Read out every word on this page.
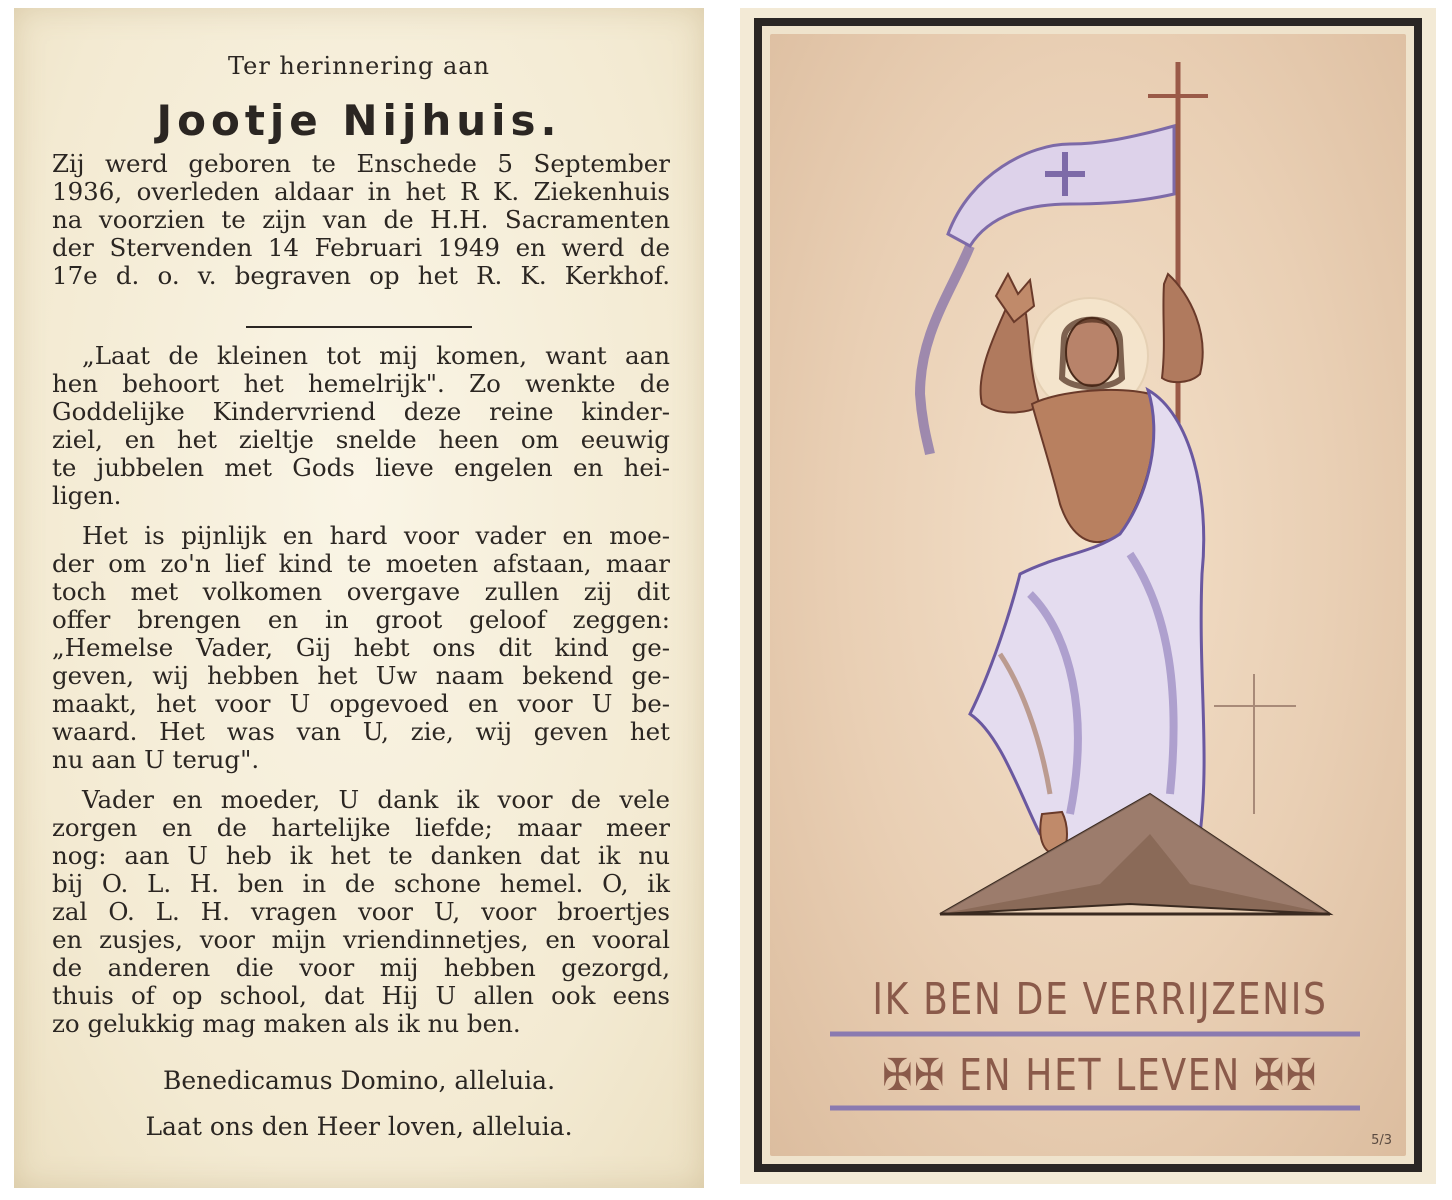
Ter herinnering aan
Jootje Nijhuis.
Zij werd geboren te Enschede 5 September
1936, overleden aldaar in het R K. Ziekenhuis
na voorzien te zijn van de H.H. Sacramenten
der Stervenden 14 Februari 1949 en werd de
17e d. o. v. begraven op het R. K. Kerkhof.
„Laat de kleinen tot mij komen, want aan
hen behoort het hemelrijk". Zo wenkte de
Goddelijke Kindervriend deze reine kinder-
ziel, en het zieltje snelde heen om eeuwig
te jubbelen met Gods lieve engelen en hei-
ligen.
Het is pijnlijk en hard voor vader en moe-
der om zo'n lief kind te moeten afstaan, maar
toch met volkomen overgave zullen zij dit
offer brengen en in groot geloof zeggen:
„Hemelse Vader, Gij hebt ons dit kind ge-
geven, wij hebben het Uw naam bekend ge-
maakt, het voor U opgevoed en voor U be-
waard. Het was van U, zie, wij geven het
nu aan U terug".
Vader en moeder, U dank ik voor de vele
zorgen en de hartelijke liefde; maar meer
nog: aan U heb ik het te danken dat ik nu
bij O. L. H. ben in de schone hemel. O, ik
zal O. L. H. vragen voor U, voor broertjes
en zusjes, voor mijn vriendinnetjes, en vooral
de anderen die voor mij hebben gezorgd,
thuis of op school, dat Hij U allen ook eens
zo gelukkig mag maken als ik nu ben.
Benedicamus Domino, alleluia.
Laat ons den Heer loven, alleluia.
IK BEN DE VERRIJZENIS
✠✠ EN HET LEVEN ✠✠
5/3
